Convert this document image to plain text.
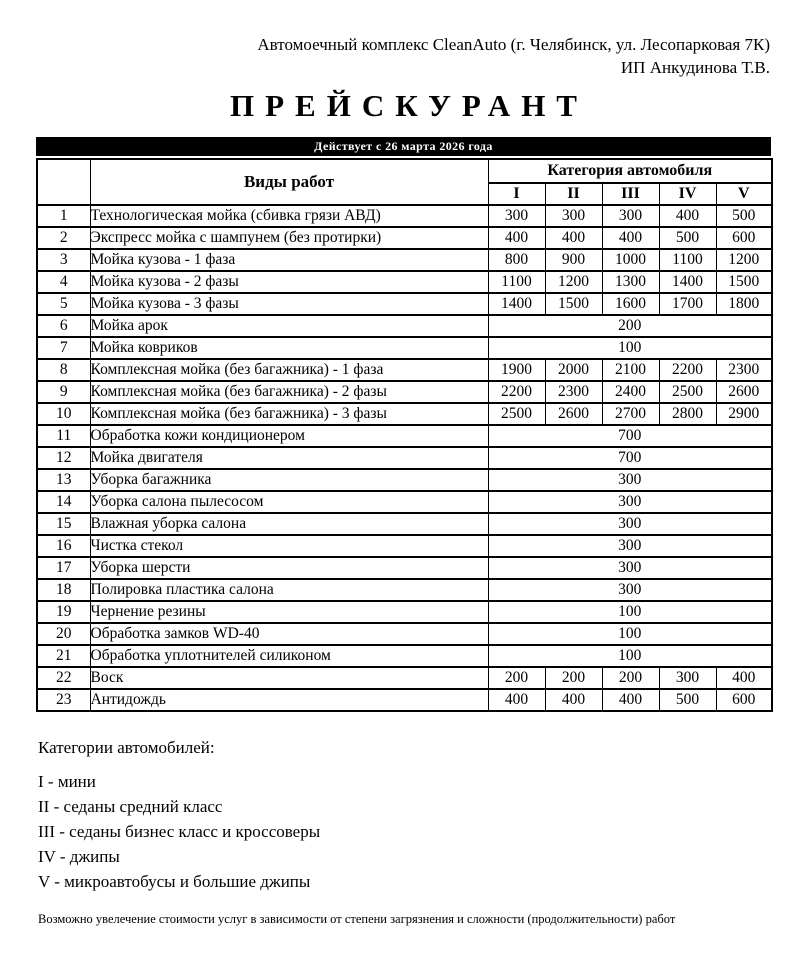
Автомоечный комплекс CleanAuto (г. Челябинск, ул. Лесопарковая 7К)
ИП Анкудинова Т.В.
ПРЕЙСКУРАНТ
Действует с 26 марта 2026 года
	Виды работ	Категория автомобиля				
		I	II	III	IV	V
1	Технологическая мойка (сбивка грязи АВД)	300	300	300	400	500
2	Экспресс мойка с шампунем (без протирки)	400	400	400	500	600
3	Мойка кузова - 1 фаза	800	900	1000	1100	1200
4	Мойка кузова - 2 фазы	1100	1200	1300	1400	1500
5	Мойка кузова - 3 фазы	1400	1500	1600	1700	1800
6	Мойка арок	200				
7	Мойка ковриков	100				
8	Комплексная мойка (без багажника) - 1 фаза	1900	2000	2100	2200	2300
9	Комплексная мойка (без багажника) - 2 фазы	2200	2300	2400	2500	2600
10	Комплексная мойка (без багажника) - 3 фазы	2500	2600	2700	2800	2900
11	Обработка кожи кондиционером	700				
12	Мойка двигателя	700				
13	Уборка багажника	300				
14	Уборка салона пылесосом	300				
15	Влажная уборка салона	300				
16	Чистка стекол	300				
17	Уборка шерсти	300				
18	Полировка пластика салона	300				
19	Чернение резины	100				
20	Обработка замков WD-40	100				
21	Обработка уплотнителей силиконом	100				
22	Воск	200	200	200	300	400
23	Антидождь	400	400	400	500	600
Категории автомобилей:
I - мини
II - седаны средний класс
III - седаны бизнес класс и кроссоверы
IV - джипы
V - микроавтобусы и большие джипы
Возможно увелечение стоимости услуг в зависимости от степени загрязнения и сложности (продолжительности) работ
